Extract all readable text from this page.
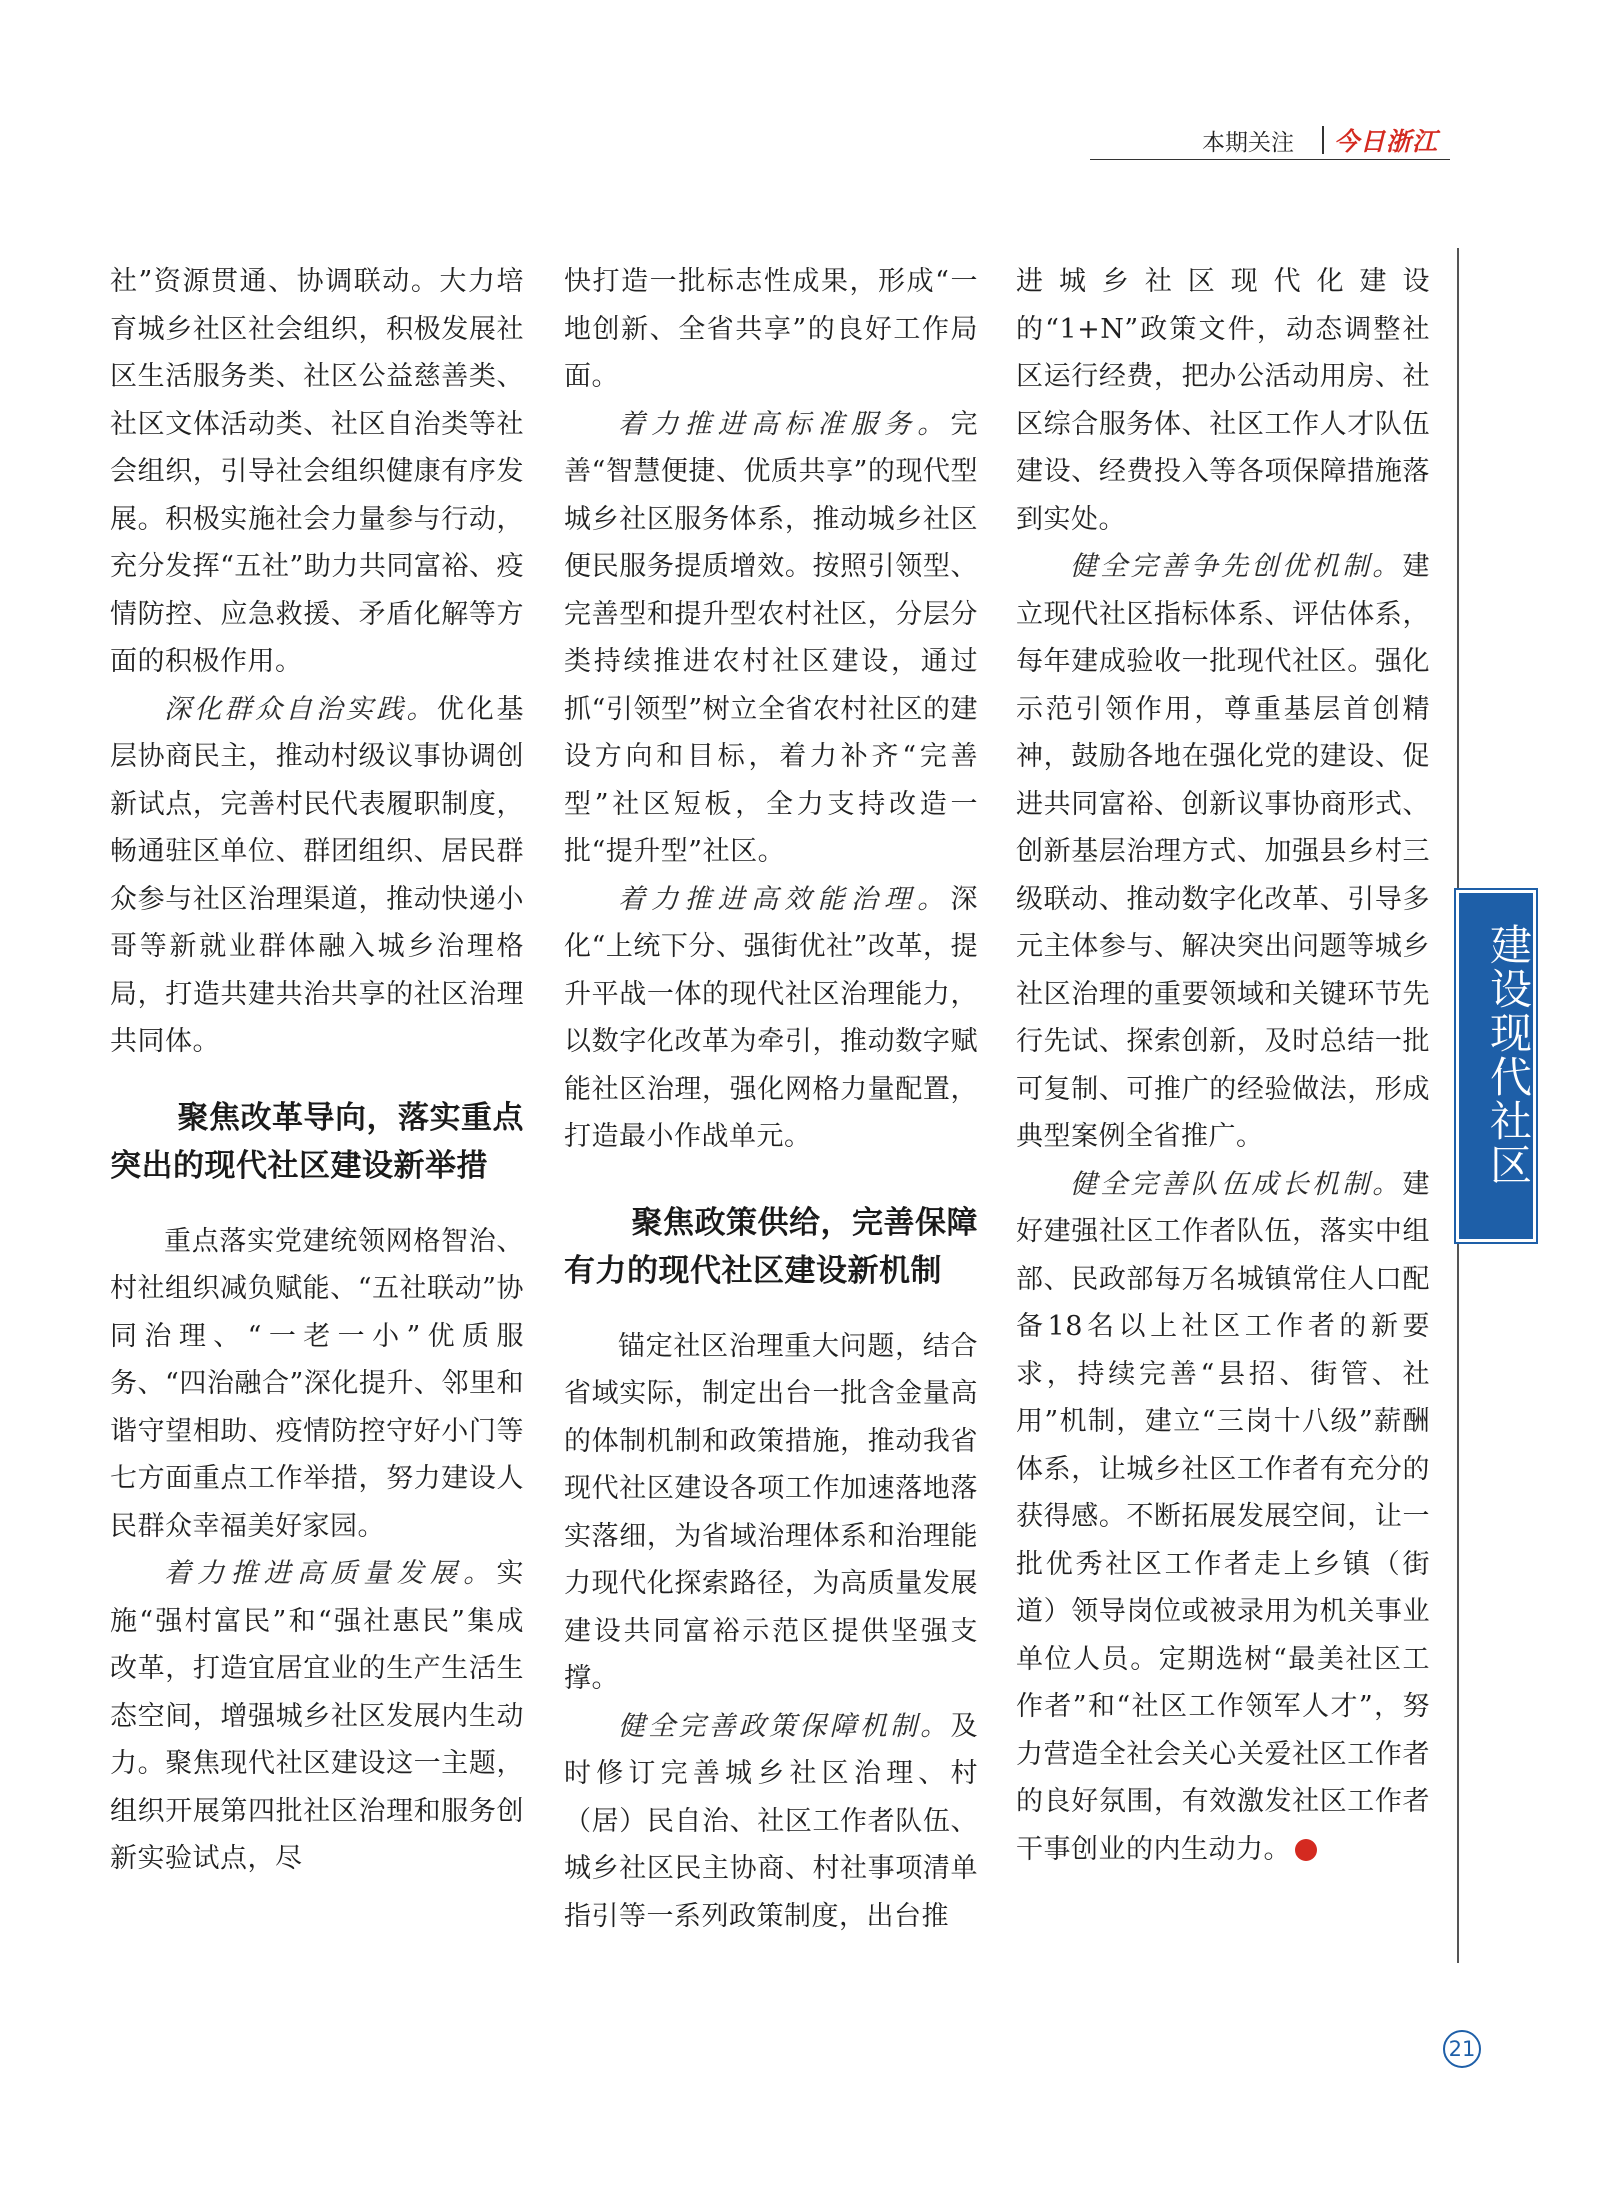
本期关注 今日浙江

社”资源贯通、协调联动。大力培育城乡社区社会组织，积极发展社区生活服务类、社区公益慈善类、社区文体活动类、社区自治类等社会组织，引导社会组织健康有序发展。积极实施社会力量参与行动，充分发挥“五社”助力共同富裕、疫情防控、应急救援、矛盾化解等方面的积极作用。

深化群众自治实践。优化基层协商民主，推动村级议事协调创新试点，完善村民代表履职制度，畅通驻区单位、群团组织、居民群众参与社区治理渠道，推动快递小哥等新就业群体融入城乡治理格局，打造共建共治共享的社区治理共同体。

聚焦改革导向，落实重点
突出的现代社区建设新举措

重点落实党建统领网格智治、村社组织减负赋能、“五社联动”协同治理、“一老一小”优质服务、“四治融合”深化提升、邻里和谐守望相助、疫情防控守好小门等七方面重点工作举措，努力建设人民群众幸福美好家园。

着力推进高质量发展。实施“强村富民”和“强社惠民”集成改革，打造宜居宜业的生产生活生态空间，增强城乡社区发展内生动力。聚焦现代社区建设这一主题，组织开展第四批社区治理和服务创新实验试点，尽

快打造一批标志性成果，形成“一地创新、全省共享”的良好工作局面。

着力推进高标准服务。完善“智慧便捷、优质共享”的现代型城乡社区服务体系，推动城乡社区便民服务提质增效。按照引领型、完善型和提升型农村社区，分层分类持续推进农村社区建设，通过抓“引领型”树立全省农村社区的建设方向和目标，着力补齐“完善型”社区短板，全力支持改造一批“提升型”社区。

着力推进高效能治理。深化“上统下分、强街优社”改革，提升平战一体的现代社区治理能力，以数字化改革为牵引，推动数字赋能社区治理，强化网格力量配置，打造最小作战单元。

聚焦政策供给，完善保障
有力的现代社区建设新机制

锚定社区治理重大问题，结合省域实际，制定出台一批含金量高的体制机制和政策措施，推动我省现代社区建设各项工作加速落地落实落细，为省域治理体系和治理能力现代化探索路径，为高质量发展建设共同富裕示范区提供坚强支撑。

健全完善政策保障机制。及时修订完善城乡社区治理、村（居）民自治、社区工作者队伍、城乡社区民主协商、村社事项清单指引等一系列政策制度，出台推

进城乡社区现代化建设的“1+N”政策文件，动态调整社区运行经费，把办公活动用房、社区综合服务体、社区工作人才队伍建设、经费投入等各项保障措施落到实处。

健全完善争先创优机制。建立现代社区指标体系、评估体系，每年建成验收一批现代社区。强化示范引领作用，尊重基层首创精神，鼓励各地在强化党的建设、促进共同富裕、创新议事协商形式、创新基层治理方式、加强县乡村三级联动、推动数字化改革、引导多元主体参与、解决突出问题等城乡社区治理的重要领域和关键环节先行先试、探索创新，及时总结一批可复制、可推广的经验做法，形成典型案例全省推广。

健全完善队伍成长机制。建好建强社区工作者队伍，落实中组部、民政部每万名城镇常住人口配备18名以上社区工作者的新要求，持续完善“县招、街管、社用”机制，建立“三岗十八级”薪酬体系，让城乡社区工作者有充分的获得感。不断拓展发展空间，让一批优秀社区工作者走上乡镇（街道）领导岗位或被录用为机关事业单位人员。定期选树“最美社区工作者”和“社区工作领军人才”，努力营造全社会关心关爱社区工作者的良好氛围，有效激发社区工作者干事创业的内生动力。

建设现代社区
21
